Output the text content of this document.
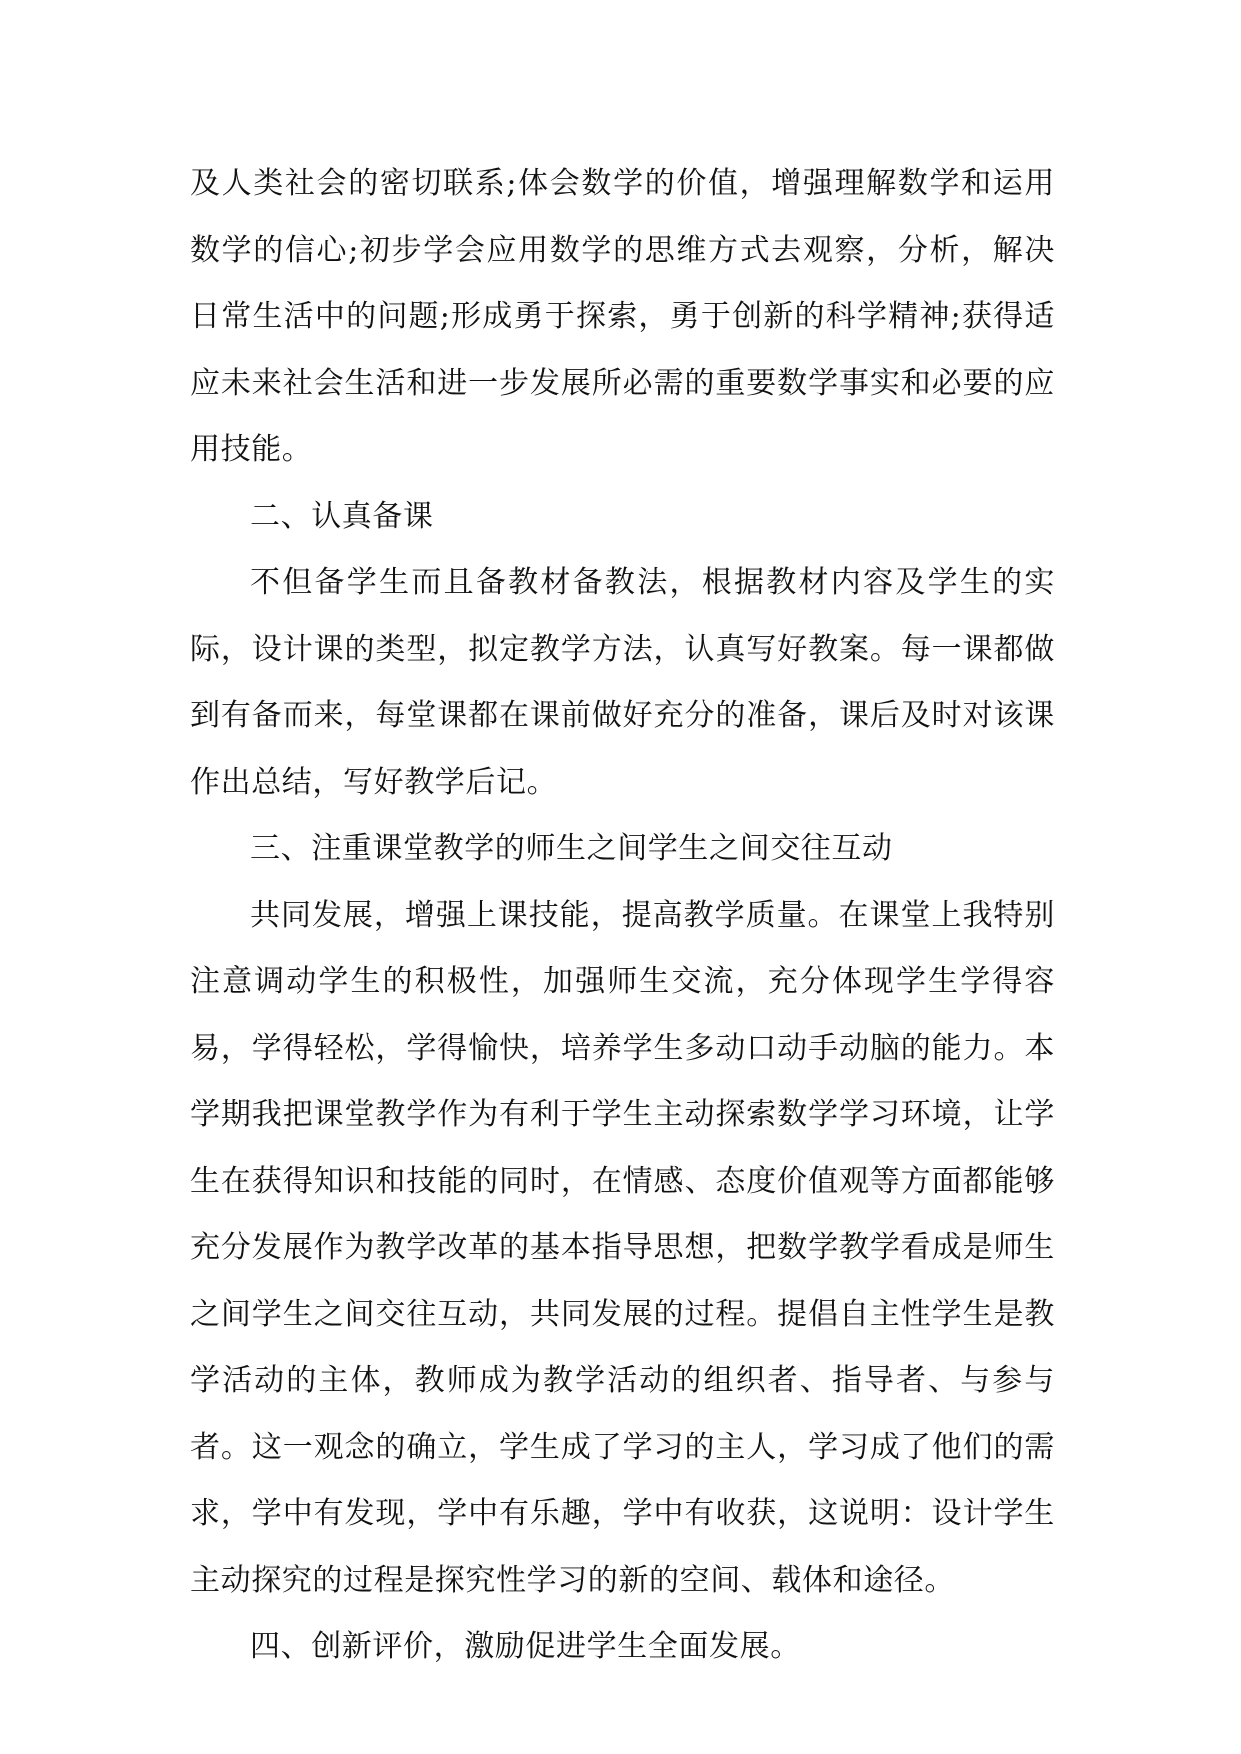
及人类社会的密切联系;体会数学的价值，增强理解数学和运用数学的信心;初步学会应用数学的思维方式去观察，分析，解决日常生活中的问题;形成勇于探索，勇于创新的科学精神;获得适应未来社会生活和进一步发展所必需的重要数学事实和必要的应用技能。

二、认真备课

不但备学生而且备教材备教法，根据教材内容及学生的实际，设计课的类型，拟定教学方法，认真写好教案。每一课都做到有备而来，每堂课都在课前做好充分的准备，课后及时对该课作出总结，写好教学后记。

三、注重课堂教学的师生之间学生之间交往互动

共同发展，增强上课技能，提高教学质量。在课堂上我特别注意调动学生的积极性，加强师生交流，充分体现学生学得容易，学得轻松，学得愉快，培养学生多动口动手动脑的能力。本学期我把课堂教学作为有利于学生主动探索数学学习环境，让学生在获得知识和技能的同时，在情感、态度价值观等方面都能够充分发展作为教学改革的基本指导思想，把数学教学看成是师生之间学生之间交往互动，共同发展的过程。提倡自主性学生是教学活动的主体，教师成为教学活动的组织者、指导者、与参与者。这一观念的确立，学生成了学习的主人，学习成了他们的需求，学中有发现，学中有乐趣，学中有收获，这说明：设计学生主动探究的过程是探究性学习的新的空间、载体和途径。

四、创新评价，激励促进学生全面发展。
